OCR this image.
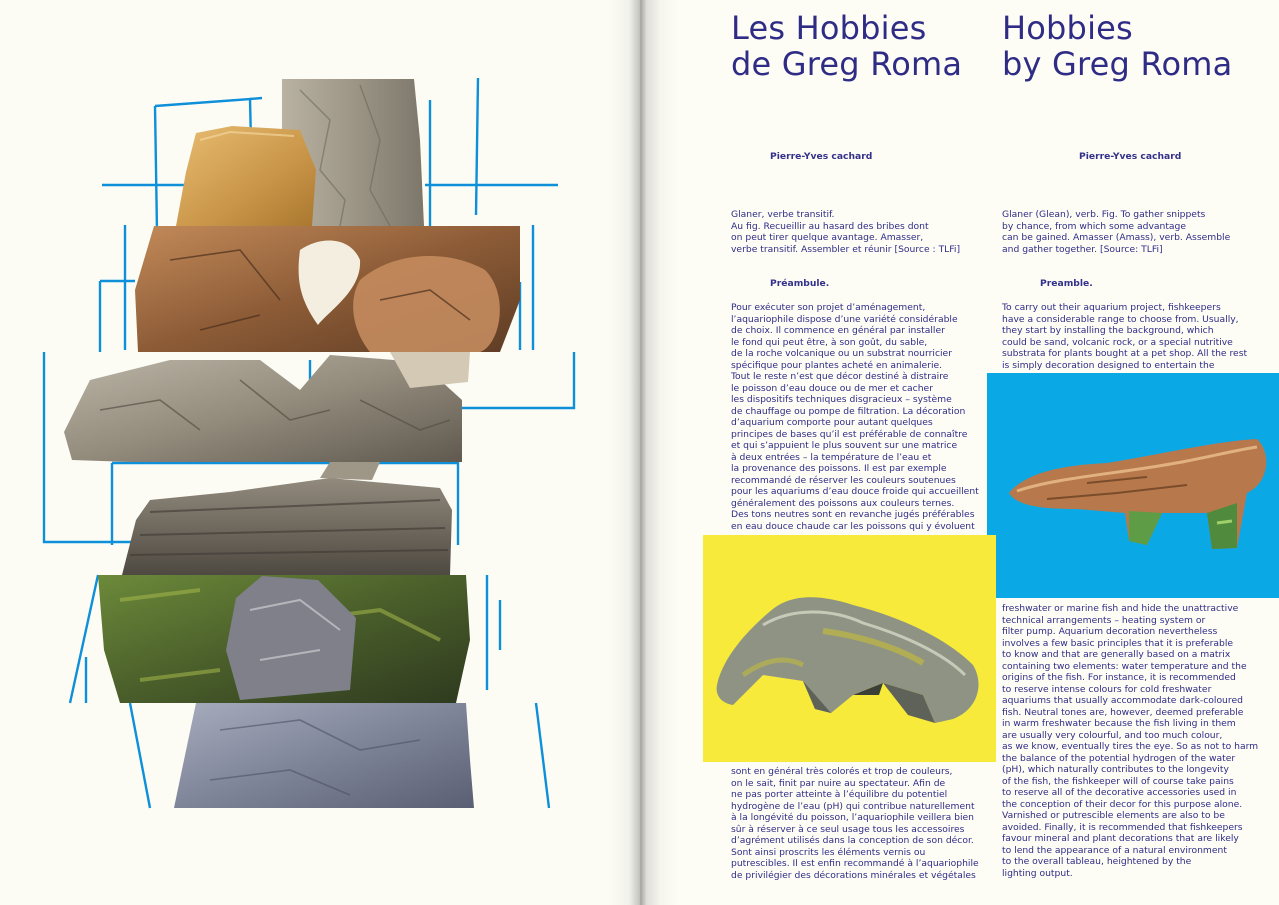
Les Hobbies
de Greg Roma
Pierre-Yves cachard

Glaner, verbe transitif.
Au fig. Recueillir au hasard des bribes dont
on peut tirer quelque avantage. Amasser,
verbe transitif. Assembler et réunir [Source : TLFi]

Préambule.

Pour exécuter son projet d’aménagement,
l’aquariophile dispose d’une variété considérable
de choix. Il commence en général par installer
le fond qui peut être, à son goût, du sable,
de la roche volcanique ou un substrat nourricier
spécifique pour plantes acheté en animalerie.
Tout le reste n’est que décor destiné à distraire
le poisson d’eau douce ou de mer et cacher
les dispositifs techniques disgracieux – système
de chauffage ou pompe de filtration. La décoration
d’aquarium comporte pour autant quelques
principes de bases qu’il est préférable de connaître
et qui s’appuient le plus souvent sur une matrice
à deux entrées – la température de l’eau et
la provenance des poissons. Il est par exemple
recommandé de réserver les couleurs soutenues
pour les aquariums d’eau douce froide qui accueillent
généralement des poissons aux couleurs ternes.
Des tons neutres sont en revanche jugés préférables
en eau douce chaude car les poissons qui y évoluent

sont en général très colorés et trop de couleurs,
on le sait, finit par nuire au spectateur. Afin de
ne pas porter atteinte à l’équilibre du potentiel
hydrogène de l’eau (pH) qui contribue naturellement
à la longévité du poisson, l’aquariophile veillera bien
sûr à réserver à ce seul usage tous les accessoires
d’agrément utilisés dans la conception de son décor.
Sont ainsi proscrits les éléments vernis ou
putrescibles. Il est enfin recommandé à l’aquariophile
de privilégier des décorations minérales et végétales

Hobbies
by Greg Roma
Pierre-Yves cachard

Glaner (Glean), verb. Fig. To gather snippets
by chance, from which some advantage
can be gained. Amasser (Amass), verb. Assemble
and gather together. [Source: TLFi]

Preamble.

To carry out their aquarium project, fishkeepers
have a considerable range to choose from. Usually,
they start by installing the background, which
could be sand, volcanic rock, or a special nutritive
substrata for plants bought at a pet shop. All the rest
is simply decoration designed to entertain the

freshwater or marine fish and hide the unattractive
technical arrangements – heating system or
filter pump. Aquarium decoration nevertheless
involves a few basic principles that it is preferable
to know and that are generally based on a matrix
containing two elements: water temperature and the
origins of the fish. For instance, it is recommended
to reserve intense colours for cold freshwater
aquariums that usually accommodate dark-coloured
fish. Neutral tones are, however, deemed preferable
in warm freshwater because the fish living in them
are usually very colourful, and too much colour,
as we know, eventually tires the eye. So as not to harm
the balance of the potential hydrogen of the water
(pH), which naturally contributes to the longevity
of the fish, the fishkeeper will of course take pains
to reserve all of the decorative accessories used in
the conception of their decor for this purpose alone.
Varnished or putrescible elements are also to be
avoided. Finally, it is recommended that fishkeepers
favour mineral and plant decorations that are likely
to lend the appearance of a natural environment
to the overall tableau, heightened by the
lighting output.
